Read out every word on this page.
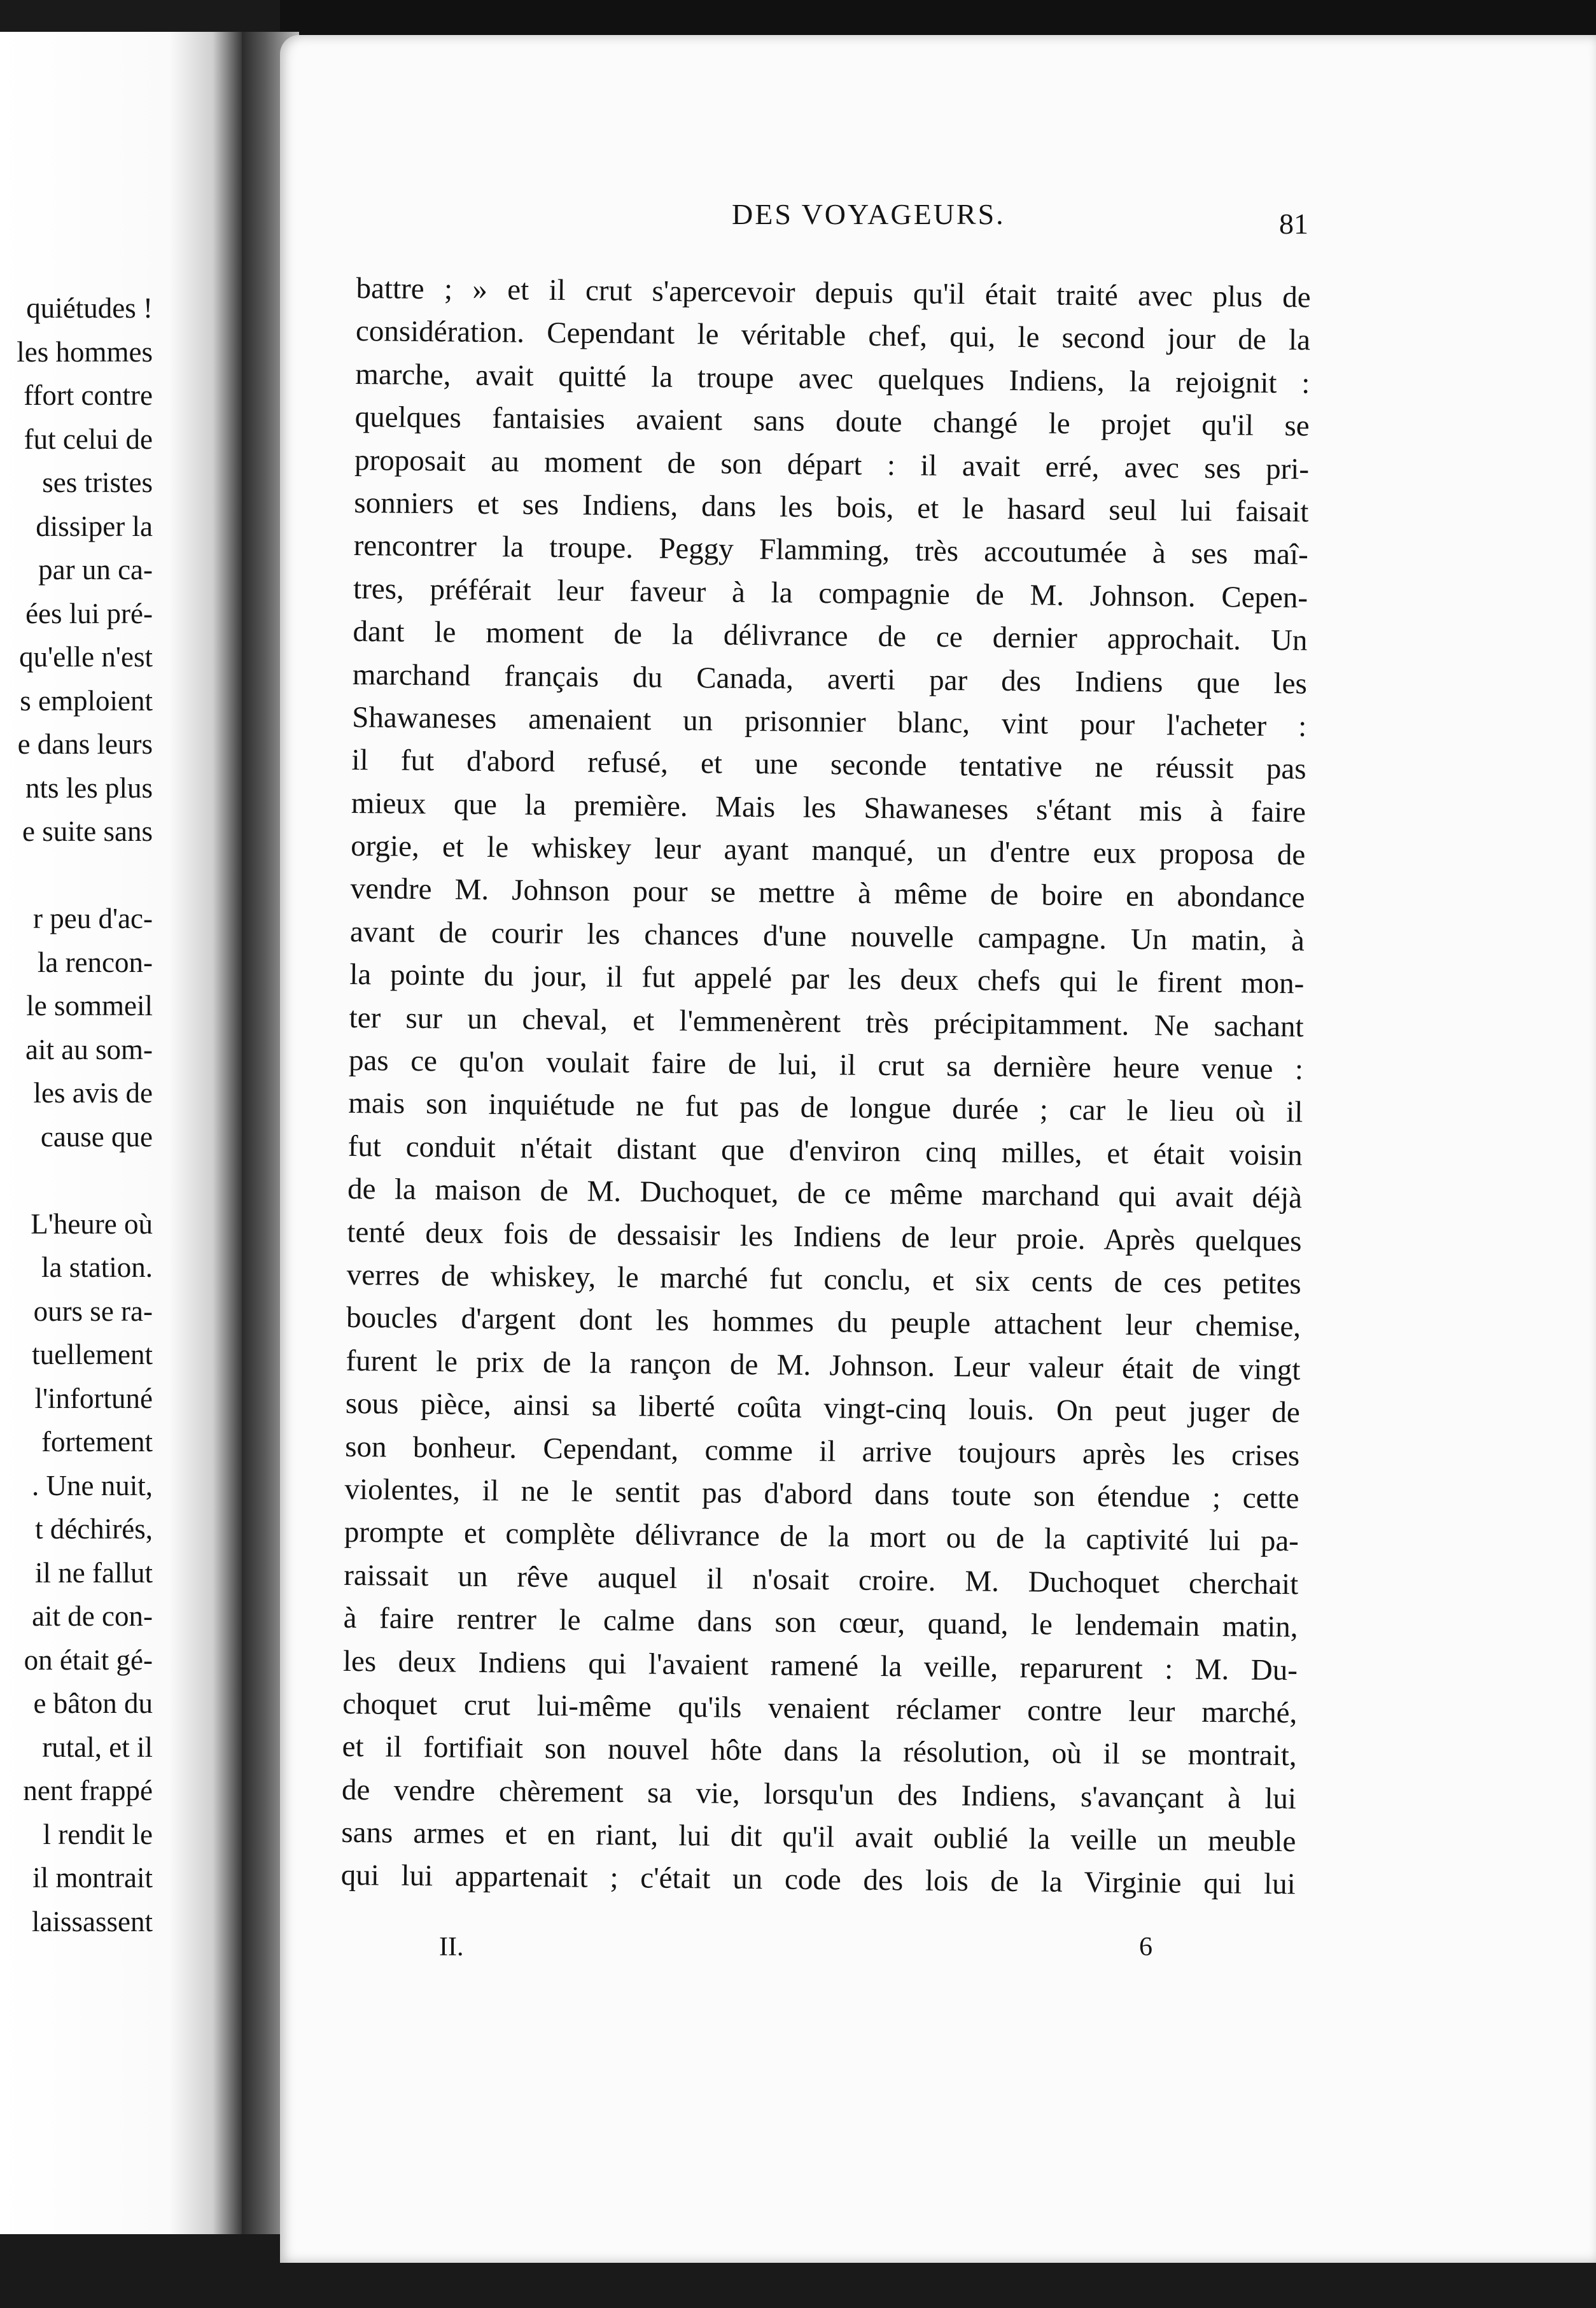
quiétudes !
les hommes
ffort contre
fut celui de
ses tristes
dissiper la
par un ca-
ées lui pré-
qu'elle n'est
s emploient
e dans leurs
nts les plus
e suite sans
r peu d'ac-
la rencon-
le sommeil
ait au som-
les avis de
cause que
L'heure où
la station.
ours se ra-
tuellement
l'infortuné
fortement
. Une nuit,
t déchirés,
il ne fallut
ait de con-
on était gé-
e bâton du
rutal, et il
nent frappé
l rendit le
il montrait
laissassent
DES VOYAGEURS.	81
battre ; » et il crut s'apercevoir depuis qu'il était traité avec plus de
considération. Cependant le véritable chef, qui, le second jour de la
marche, avait quitté la troupe avec quelques Indiens, la rejoignit :
quelques fantaisies avaient sans doute changé le projet qu'il se
proposait au moment de son départ : il avait erré, avec ses pri-
sonniers et ses Indiens, dans les bois, et le hasard seul lui faisait
rencontrer la troupe. Peggy Flamming, très accoutumée à ses maî-
tres, préférait leur faveur à la compagnie de M. Johnson. Cepen-
dant le moment de la délivrance de ce dernier approchait. Un
marchand français du Canada, averti par des Indiens que les
Shawaneses amenaient un prisonnier blanc, vint pour l'acheter :
il fut d'abord refusé, et une seconde tentative ne réussit pas
mieux que la première. Mais les Shawaneses s'étant mis à faire
orgie, et le whiskey leur ayant manqué, un d'entre eux proposa de
vendre M. Johnson pour se mettre à même de boire en abondance
avant de courir les chances d'une nouvelle campagne. Un matin, à
la pointe du jour, il fut appelé par les deux chefs qui le firent mon-
ter sur un cheval, et l'emmenèrent très précipitamment. Ne sachant
pas ce qu'on voulait faire de lui, il crut sa dernière heure venue :
mais son inquiétude ne fut pas de longue durée ; car le lieu où il
fut conduit n'était distant que d'environ cinq milles, et était voisin
de la maison de M. Duchoquet, de ce même marchand qui avait déjà
tenté deux fois de dessaisir les Indiens de leur proie. Après quelques
verres de whiskey, le marché fut conclu, et six cents de ces petites
boucles d'argent dont les hommes du peuple attachent leur chemise,
furent le prix de la rançon de M. Johnson. Leur valeur était de vingt
sous pièce, ainsi sa liberté coûta vingt-cinq louis. On peut juger de
son bonheur. Cependant, comme il arrive toujours après les crises
violentes, il ne le sentit pas d'abord dans toute son étendue ; cette
prompte et complète délivrance de la mort ou de la captivité lui pa-
raissait un rêve auquel il n'osait croire. M. Duchoquet cherchait
à faire rentrer le calme dans son cœur, quand, le lendemain matin,
les deux Indiens qui l'avaient ramené la veille, reparurent : M. Du-
choquet crut lui-même qu'ils venaient réclamer contre leur marché,
et il fortifiait son nouvel hôte dans la résolution, où il se montrait,
de vendre chèrement sa vie, lorsqu'un des Indiens, s'avançant à lui
sans armes et en riant, lui dit qu'il avait oublié la veille un meuble
qui lui appartenait ; c'était un code des lois de la Virginie qui lui
II.	6
